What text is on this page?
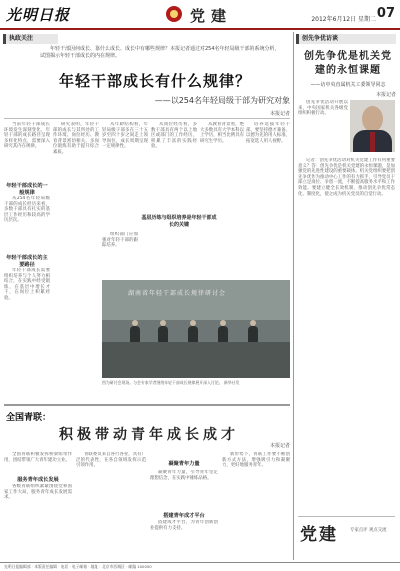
光明日报	党建	2012年6月12日 星期二 07
执政关注	创先争优访谈
年轻干部因何成长、靠什么成长、成长中有哪些规律？本报记者通过对254名年轻局级干部的系统分析，试图揭示年轻干部成长的内在规律。
年轻干部成长有什么规律？
——以254名年轻局级干部为研究对象
本报记者
年轻干部成长的一般规律
年轻干部成长的主要路径
当前年轻干部成长环境发生深刻变化，年轻干部的成长路径呈现多样化特点，需要深入研究其内在规律。
从254名年轻局级干部的成长经历来看，多数干部具有扎实的基层工作经历和较高的学历层次。
年轻干部成长需要组织培养与个人努力相结合，在实践中经受锻炼，在基层中增长才干，在岗位上积累经验。
研究表明，年轻干部的成长与其所处的工作环境、岗位经历、教育背景密切相关。多岗位锻炼有助于提升综合素质。
从年龄结构看，年轻局级干部多在三十五岁至四十岁之间走上领导岗位，成长周期呈现一定规律性。
从岗位经历看，多数干部具有两个以上地区或部门的工作经历，积累了丰富的实践经验。
从教育背景看，绝大多数具有大学本科以上学历，相当比例具有研究生学历。
培养选拔年轻干部，要坚持德才兼备、以德为先的用人标准，拓宽选人用人视野。
组织部门应加强对年轻干部的跟踪培养。
基层历练与组织培养是年轻干部成长的关键
湖南省年轻干部成长规律研讨会
图为研讨会现场。与会专家学者围绕年轻干部成长规律展开深入讨论。 新华社发
全国青联：
积极带动青年成长成才
本报记者
服务青年成长发展
凝聚青年力量
搭建青年成才平台
全国青联积极发挥桥梁纽带作用，团结带领广大青年建功立业。
各级青联组织紧紧围绕党和国家工作大局，服务青年成长发展需求。
青联委员来自各行各业，具有广泛的代表性，在各自领域发挥示范引领作用。
凝聚青年力量，引导青年坚定理想信念，在实践中锤炼品格。
搭建成才平台，为青年创新创业提供有力支持。
新形势下，青联工作要不断创新方式方法，增强吸引力和凝聚力，更好地服务青年。
创先争优是机关党建的永恒课题
——访中央直属机关工委领导同志
本报记者
创先争优活动开展以来，中央国家机关各级党组织积极行动。
记者：创先争优活动对机关党建工作有何重要意义？答：创先争优是机关党建的永恒课题，是加强党的先进性建设的重要载体。机关党组织要把创先争优作为推动中心工作的有力抓手，引导党员干部立足岗位、争创一流，不断提高服务水平和工作效能。要建立健全长效机制，推动创先争优常态化、制度化，使之成为机关党员的自觉行动。
党建	专家点评 观点交流
光明日报编辑部 · 本版责任编辑 · 电话 · 电子邮箱 · 地址：北京市西城区 · 邮编 100050
